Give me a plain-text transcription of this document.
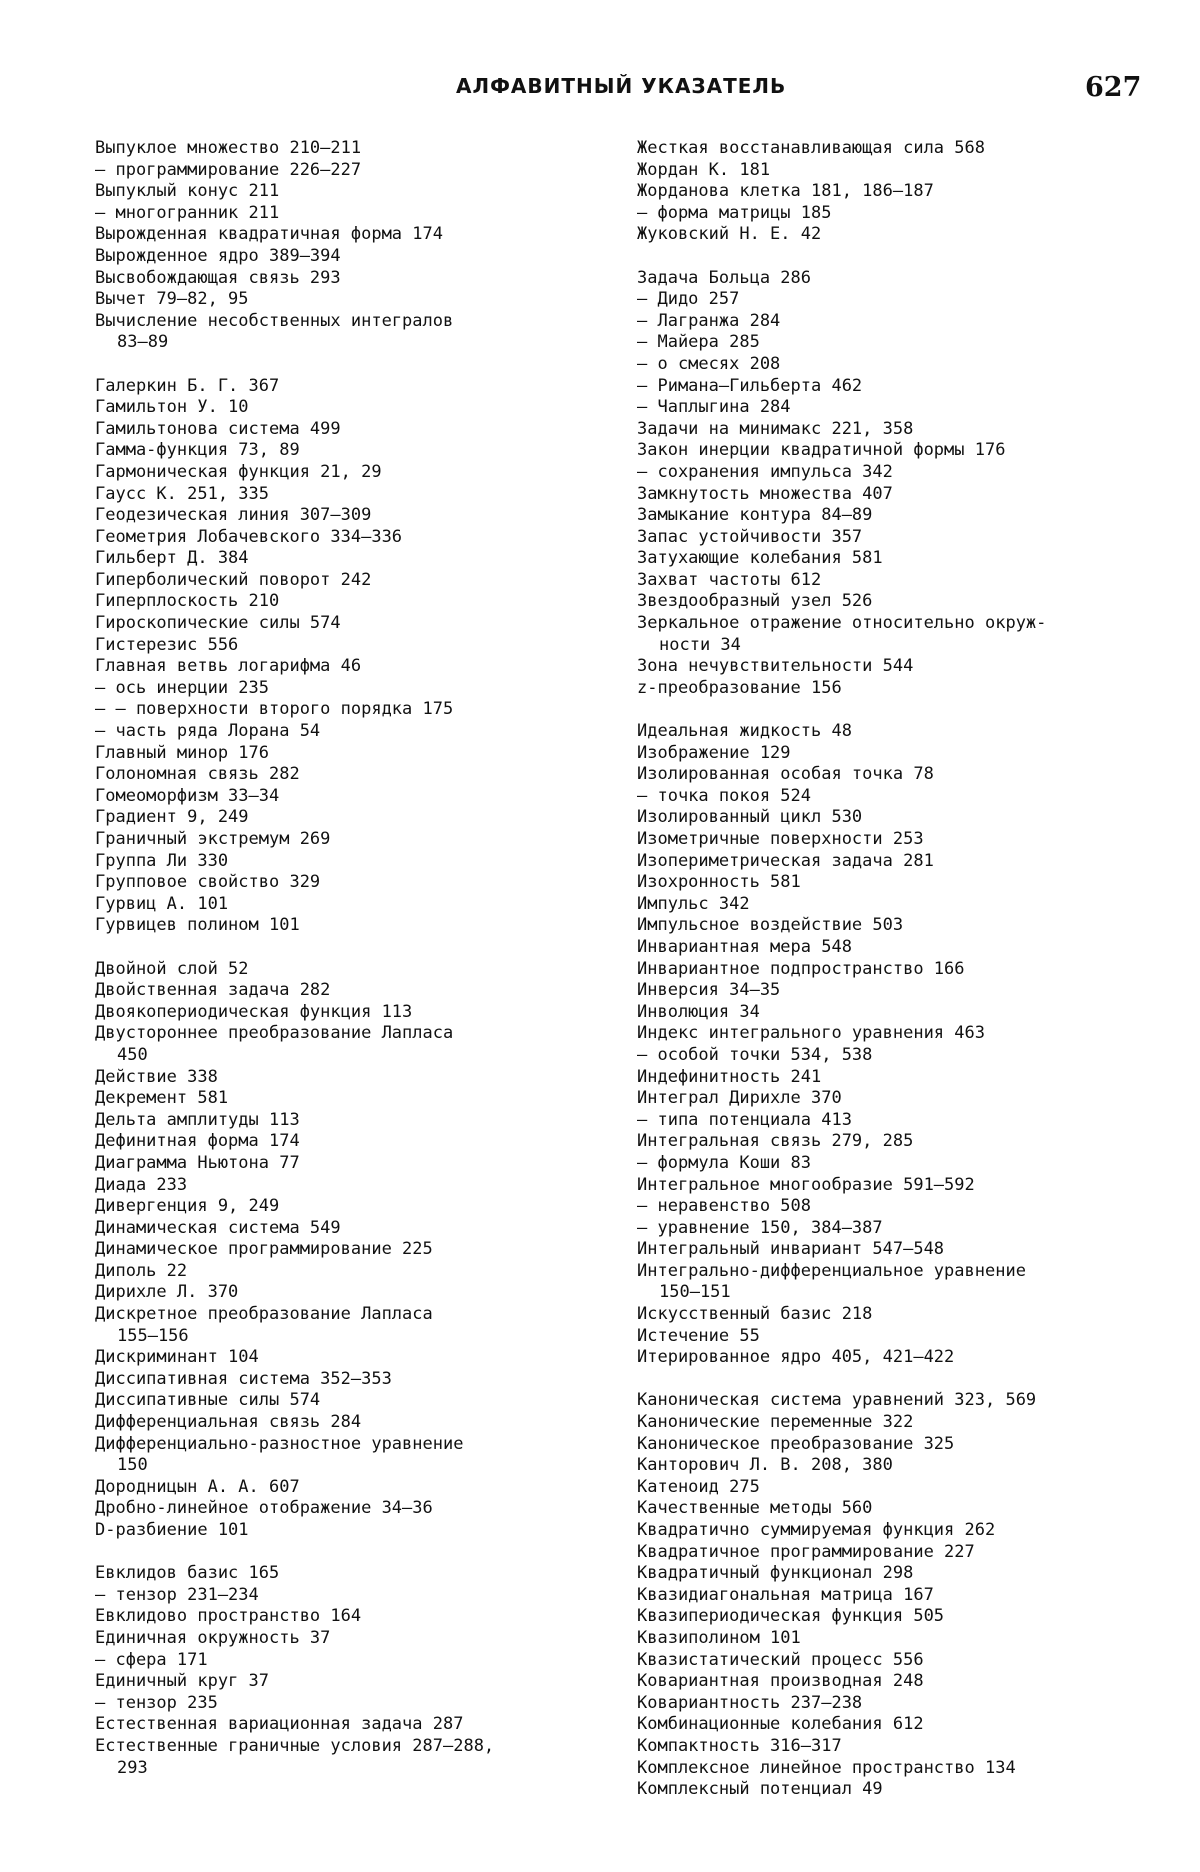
АЛФАВИТНЫЙ УКАЗАТЕЛЬ	627
Выпуклое множество 210—211
— программирование 226—227
Выпуклый конус 211
— многогранник 211
Вырожденная квадратичная форма 174
Вырожденное ядро 389—394
Высвобождающая связь 293
Вычет 79—82, 95
Вычисление несобственных интегралов
83—89
Галеркин Б. Г. 367
Гамильтон У. 10
Гамильтонова система 499
Гамма-функция 73, 89
Гармоническая функция 21, 29
Гаусс К. 251, 335
Геодезическая линия 307—309
Геометрия Лобачевского 334—336
Гильберт Д. 384
Гиперболический поворот 242
Гиперплоскость 210
Гироскопические силы 574
Гистерезис 556
Главная ветвь логарифма 46
— ось инерции 235
— — поверхности второго порядка 175
— часть ряда Лорана 54
Главный минор 176
Голономная связь 282
Гомеоморфизм 33—34
Градиент 9, 249
Граничный экстремум 269
Группа Ли 330
Групповое свойство 329
Гурвиц А. 101
Гурвицев полином 101
Двойной слой 52
Двойственная задача 282
Двоякопериодическая функция 113
Двустороннее преобразование Лапласа
450
Действие 338
Декремент 581
Дельта амплитуды 113
Дефинитная форма 174
Диаграмма Ньютона 77
Диада 233
Дивергенция 9, 249
Динамическая система 549
Динамическое программирование 225
Диполь 22
Дирихле Л. 370
Дискретное преобразование Лапласа
155—156
Дискриминант 104
Диссипативная система 352—353
Диссипативные силы 574
Дифференциальная связь 284
Дифференциально-разностное уравнение
150
Дородницын А. А. 607
Дробно-линейное отображение 34—36
D-разбиение 101
Евклидов базис 165
— тензор 231—234
Евклидово пространство 164
Единичная окружность 37
— сфера 171
Единичный круг 37
— тензор 235
Естественная вариационная задача 287
Естественные граничные условия 287—288,
293
Жесткая восстанавливающая сила 568
Жордан К. 181
Жорданова клетка 181, 186—187
— форма матрицы 185
Жуковский Н. Е. 42
Задача Больца 286
— Дидо 257
— Лагранжа 284
— Майера 285
— о смесях 208
— Римана—Гильберта 462
— Чаплыгина 284
Задачи на минимакс 221, 358
Закон инерции квадратичной формы 176
— сохранения импульса 342
Замкнутость множества 407
Замыкание контура 84—89
Запас устойчивости 357
Затухающие колебания 581
Захват частоты 612
Звездообразный узел 526
Зеркальное отражение относительно окруж-
ности 34
Зона нечувствительности 544
z-преобразование 156
Идеальная жидкость 48
Изображение 129
Изолированная особая точка 78
— точка покоя 524
Изолированный цикл 530
Изометричные поверхности 253
Изопериметрическая задача 281
Изохронность 581
Импульс 342
Импульсное воздействие 503
Инвариантная мера 548
Инвариантное подпространство 166
Инверсия 34—35
Инволюция 34
Индекс интегрального уравнения 463
— особой точки 534, 538
Индефинитность 241
Интеграл Дирихле 370
— типа потенциала 413
Интегральная связь 279, 285
— формула Коши 83
Интегральное многообразие 591—592
— неравенство 508
— уравнение 150, 384—387
Интегральный инвариант 547—548
Интегрально-дифференциальное уравнение
150—151
Искусственный базис 218
Истечение 55
Итерированное ядро 405, 421—422
Каноническая система уравнений 323, 569
Канонические переменные 322
Каноническое преобразование 325
Канторович Л. В. 208, 380
Катеноид 275
Качественные методы 560
Квадратично суммируемая функция 262
Квадратичное программирование 227
Квадратичный функционал 298
Квазидиагональная матрица 167
Квазипериодическая функция 505
Квазиполином 101
Квазистатический процесс 556
Ковариантная производная 248
Ковариантность 237—238
Комбинационные колебания 612
Компактность 316—317
Комплексное линейное пространство 134
Комплексный потенциал 49
